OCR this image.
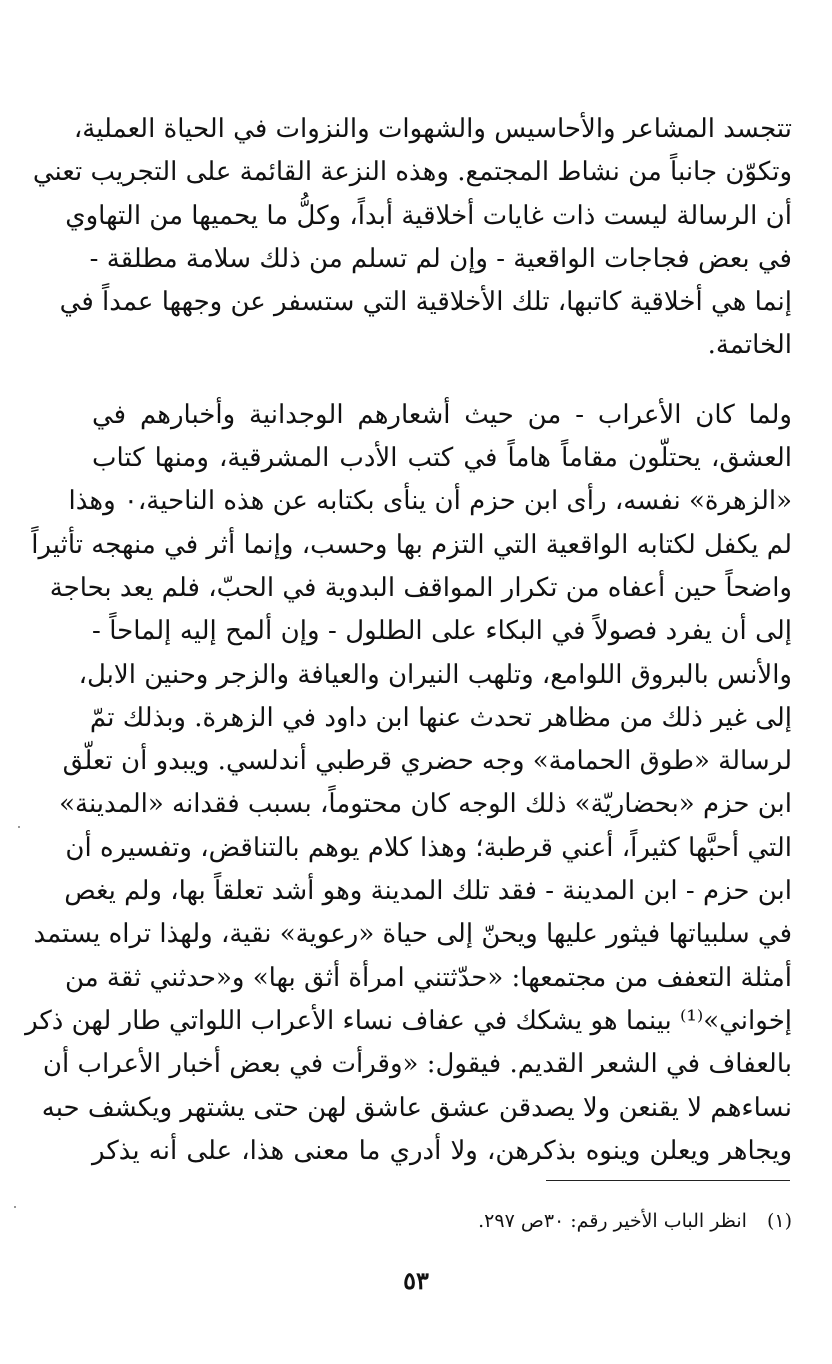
تتجسد المشاعر والأحاسيس والشهوات والنزوات في الحياة العملية،
وتكوّن جانباً من نشاط المجتمع. وهذه النزعة القائمة على التجريب تعني
أن الرسالة ليست ذات غايات أخلاقية‏ أبداً، وكلُّ ما يحميها من التهاوي
في بعض فجاجات الواقعية - وإن لم تسلم من ذلك سلامة مطلقة -
إنما هي أخلاقية كاتبها، تلك الأخلاقية التي ستسفر عن وجهها عمداً في
الخاتمة.
ولما كان الأعراب - من حيث أشعارهم الوجدانية وأخبارهم في
العشق، يحتلّون مقاماً هاماً في كتب الأدب المشرقية، ومنها كتاب
«الزهرة» نفسه، رأى ابن حزم أن ينأى بكتابه عن هذه الناحية،٠ وهذا
لم يكفل لكتابه الواقعية التي التزم بها وحسب، وإنما أثر في منهجه تأثيراً
واضحاً حين أعفاه من تكرار المواقف البدوية في الحبّ، فلم يعد بحاجة
إلى أن يفرد فصولاً في البكاء على الطلول - وإن ألمح إليه إلماحاً -
والأنس بالبروق اللوامع، وتلهب النيران والعيافة والزجر وحنين الابل،
إلى غير ذلك من مظاهر تحدث عنها ابن داود في الزهرة. وبذلك تمّ
لرسالة «طوق الحمامة» وجه حضري قرطبي أندلسي. ويبدو أن تعلّق
ابن حزم «بحضاريّة» ذلك الوجه كان محتوماً، بسبب فقدانه «المدينة»
التي أحبَّها كثيراً، أعني قرطبة؛ وهذا كلام يوهم بالتناقض، وتفسيره أن
ابن حزم - ابن المدينة - فقد تلك المدينة وهو أشد تعلقاً بها، ولم يغص
في سلبياتها فيثور عليها ويحنّ إلى حياة «رعوية» نقية، ولهذا تراه يستمد
أمثلة التعفف من مجتمعها: «حدّثتني امرأة أثق بها» و«حدثني ثقة من
إخواني»⁽¹⁾ بينما هو يشكك في عفاف نساء الأعراب اللواتي طار لهن ذكر
بالعفاف في الشعر القديم. فيقول: «وقرأت في بعض أخبار الأعراب أن
نساءهم لا يقنعن ولا يصدقن عشق عاشق لهن حتى يشتهر ويكشف حبه
ويجاهر ويعلن وينوه بذكرهن، ولا أدري ما معنى هذا، على أنه يذكر
(١) انظر الباب الأخير رقم: ٣٠ص ٢٩٧.
٥٣
